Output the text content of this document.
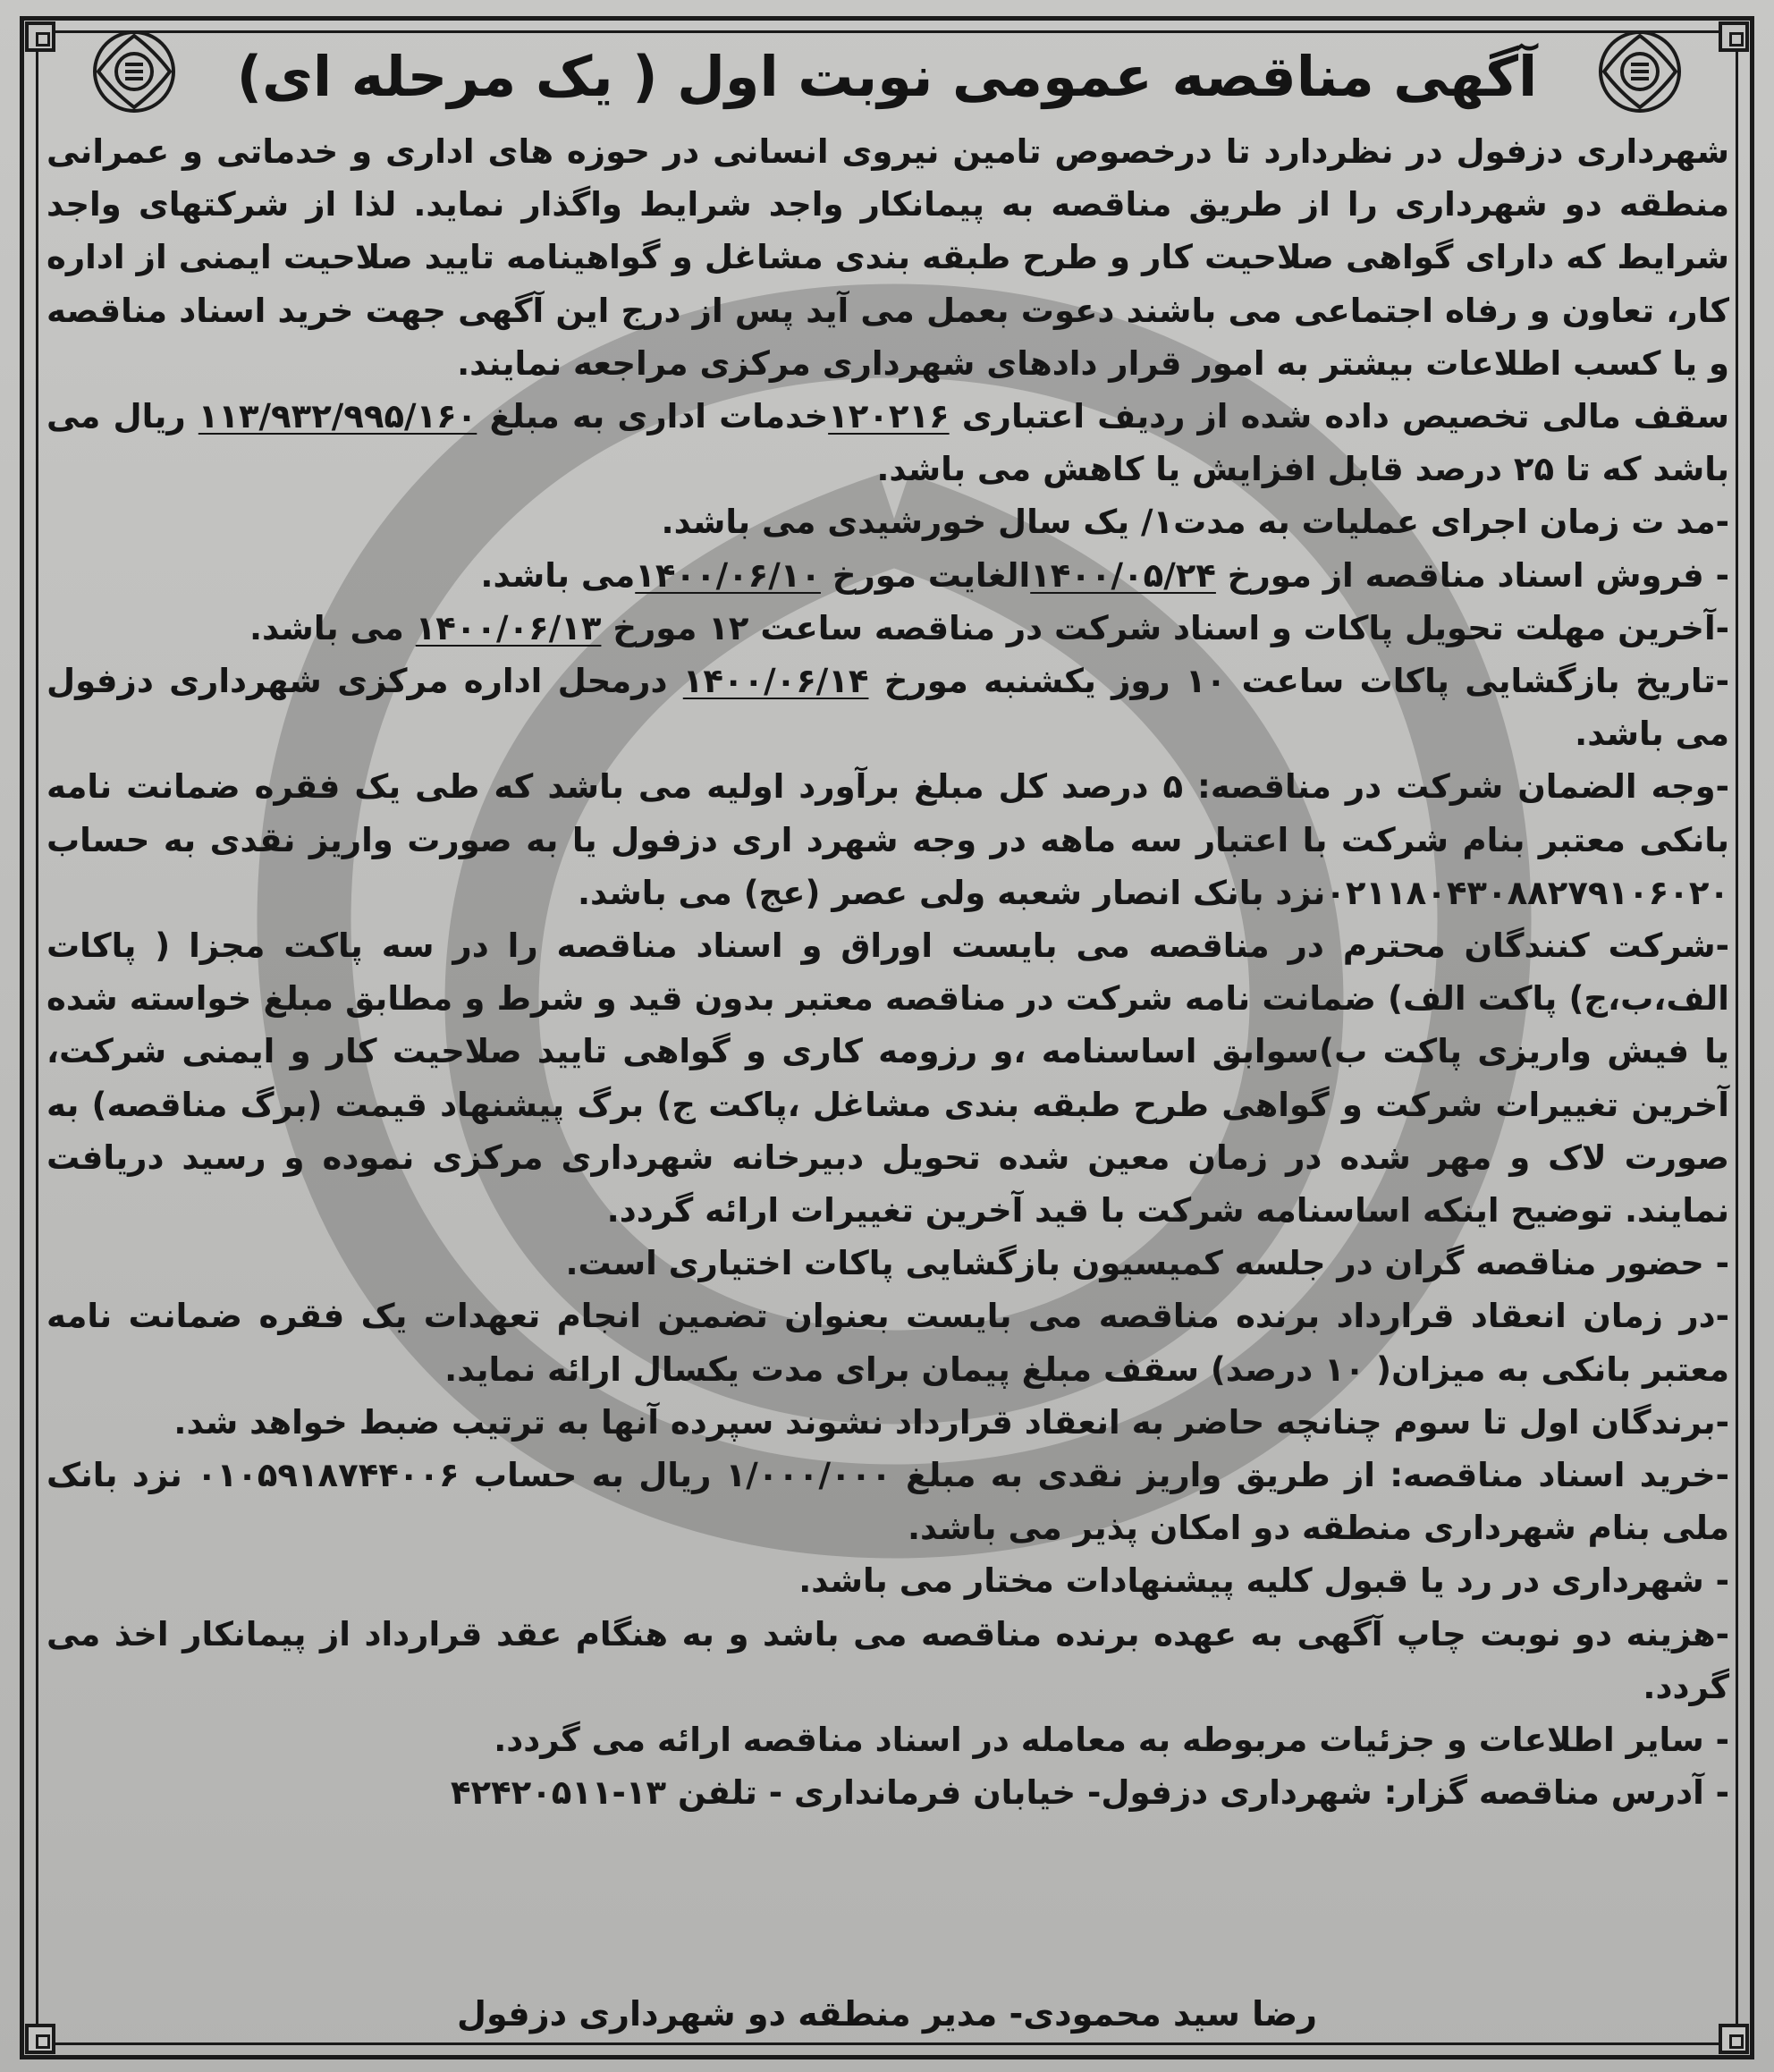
آگهی مناقصه عمومی نوبت اول ( یک مرحله ای)

شهرداری دزفول در نظردارد تا درخصوص تامین نیروی انسانی در حوزه های اداری و خدماتی و عمرانی منطقه دو شهرداری را از طریق مناقصه به پیمانکار واجد شرایط واگذار نماید. لذا از شرکتهای واجد شرایط که دارای گواهی صلاحیت کار و طرح طبقه بندی مشاغل و گواهینامه تایید صلاحیت ایمنی از اداره کار، تعاون و رفاه اجتماعی می باشند دعوت بعمل می آید پس از درج این آگهی جهت خرید اسناد مناقصه و یا کسب اطلاعات بیشتر به امور قرار دادهای شهرداری مرکزی مراجعه نمایند.

سقف مالی تخصیص داده شده از ردیف اعتباری ۱۲۰۲۱۶خدمات اداری به مبلغ ۱۱۳/۹۳۲/۹۹۵/۱۶۰ ریال می باشد که تا ۲۵ درصد قابل افزایش یا کاهش می باشد.

-مد ت زمان اجرای عملیات به مدت۱/ یک سال خورشیدی می باشد.

- فروش اسناد مناقصه از مورخ ۱۴۰۰/۰۵/۲۴الغایت مورخ ۱۴۰۰/۰۶/۱۰می باشد.

-آخرین مهلت تحویل پاکات و اسناد شرکت در مناقصه ساعت ۱۲ مورخ ۱۴۰۰/۰۶/۱۳ می باشد.

-تاریخ بازگشایی پاکات ساعت ۱۰ روز یکشنبه مورخ ۱۴۰۰/۰۶/۱۴ درمحل اداره مرکزی شهرداری دزفول می باشد.

-وجه الضمان شرکت در مناقصه: ۵ درصد کل مبلغ برآورد اولیه می باشد که طی یک فقره ضمانت نامه بانکی معتبر بنام شرکت با اعتبار سه ماهه در وجه شهرد اری دزفول یا به صورت واریز نقدی به حساب ۰۲۱۱۸۰۴۳۰۸۸۲۷۹۱۰۶۰۲۰نزد بانک انصار شعبه ولی عصر (عج) می باشد.

-شرکت کنندگان محترم در مناقصه می بایست اوراق و اسناد مناقصه را در سه پاکت مجزا ( پاکات الف،ب،ج) پاکت الف) ضمانت نامه شرکت در مناقصه معتبر بدون قید و شرط و مطابق مبلغ خواسته شده یا فیش واریزی پاکت ب)سوابق اساسنامه ،و رزومه کاری و گواهی تایید صلاحیت کار و ایمنی شرکت، آخرین تغییرات شرکت و گواهی طرح طبقه بندی مشاغل ،پاکت ج) برگ پیشنهاد قیمت (برگ مناقصه) به صورت لاک و مهر شده در زمان معین شده تحویل دبیرخانه شهرداری مرکزی نموده و رسید دریافت نمایند. توضیح اینکه اساسنامه شرکت با قید آخرین تغییرات ارائه گردد.

- حضور مناقصه گران در جلسه کمیسیون بازگشایی پاکات اختیاری است.

-در زمان انعقاد قرارداد برنده مناقصه می بایست بعنوان تضمین انجام تعهدات یک فقره ضمانت نامه معتبر بانکی به میزان( ۱۰ درصد) سقف مبلغ پیمان برای مدت یکسال ارائه نماید.

-برندگان اول تا سوم چنانچه حاضر به انعقاد قرارداد نشوند سپرده آنها به ترتیب ضبط خواهد شد.

-خرید اسناد مناقصه: از طریق واریز نقدی به مبلغ ۱/۰۰۰/۰۰۰ ریال به حساب ۰۱۰۵۹۱۸۷۴۴۰۰۶ نزد بانک ملی بنام شهرداری منطقه دو امکان پذیر می باشد.

- شهرداری در رد یا قبول کلیه پیشنهادات مختار می باشد.

-هزینه دو نوبت چاپ آگهی به عهده برنده مناقصه می باشد و به هنگام عقد قرارداد از پیمانکار اخذ می گردد.

- سایر اطلاعات و جزئیات مربوطه به معامله در اسناد مناقصه ارائه می گردد.

- آدرس مناقصه گزار: شهرداری دزفول- خیابان فرمانداری - تلفن ۱۳-۴۲۴۲۰۵۱۱

رضا سید محمودی- مدیر منطقه دو شهرداری دزفول
